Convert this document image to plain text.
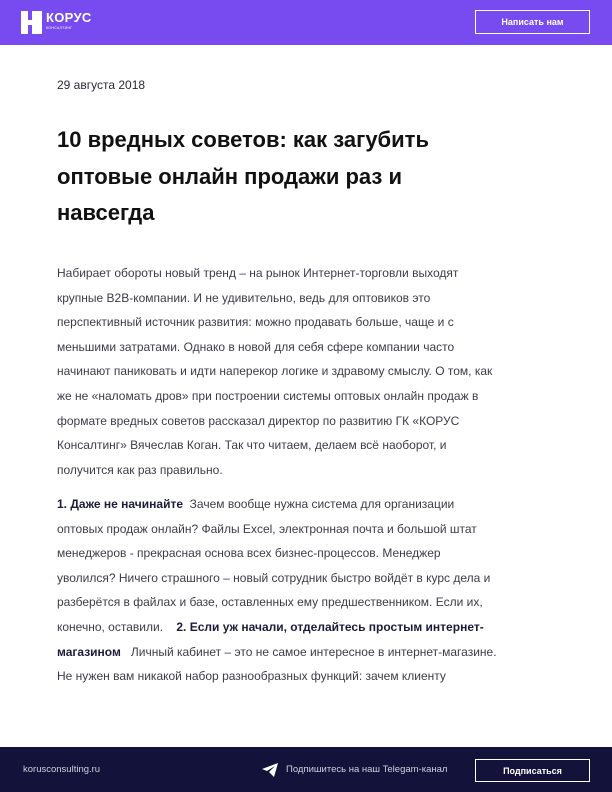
КОРУС
КОНСАЛТИНГ
Написать нам
29 августа 2018
10 вредных советов: как загубить
оптовые онлайн продажи раз и
навсегда
Набирает обороты новый тренд – на рынок Интернет-торговли выходят
крупные B2B-компании. И не удивительно, ведь для оптовиков это
перспективный источник развития: можно продавать больше, чаще и с
меньшими затратами. Однако в новой для себя сфере компании часто
начинают паниковать и идти наперекор логике и здравому смыслу. О том, как
же не «наломать дров» при построении системы оптовых онлайн продаж в
формате вредных советов рассказал директор по развитию ГК «КОРУС
Консалтинг» Вячеслав Коган. Так что читаем, делаем всё наоборот, и
получится как раз правильно.
1. Даже не начинайте Зачем вообще нужна система для организации
оптовых продаж онлайн? Файлы Excel, электронная почта и большой штат
менеджеров - прекрасная основа всех бизнес-процессов. Менеджер
уволился? Ничего страшного – новый сотрудник быстро войдёт в курс дела и
разберётся в файлах и базе, оставленных ему предшественником. Если их,
конечно, оставили. 2. Если уж начали, отделайтесь простым интернет-
магазином Личный кабинет – это не самое интересное в интернет-магазине.
Не нужен вам никакой набор разнообразных функций: зачем клиенту
korusconsulting.ru	Подпишитесь на наш Telegam-канал	Подписаться
